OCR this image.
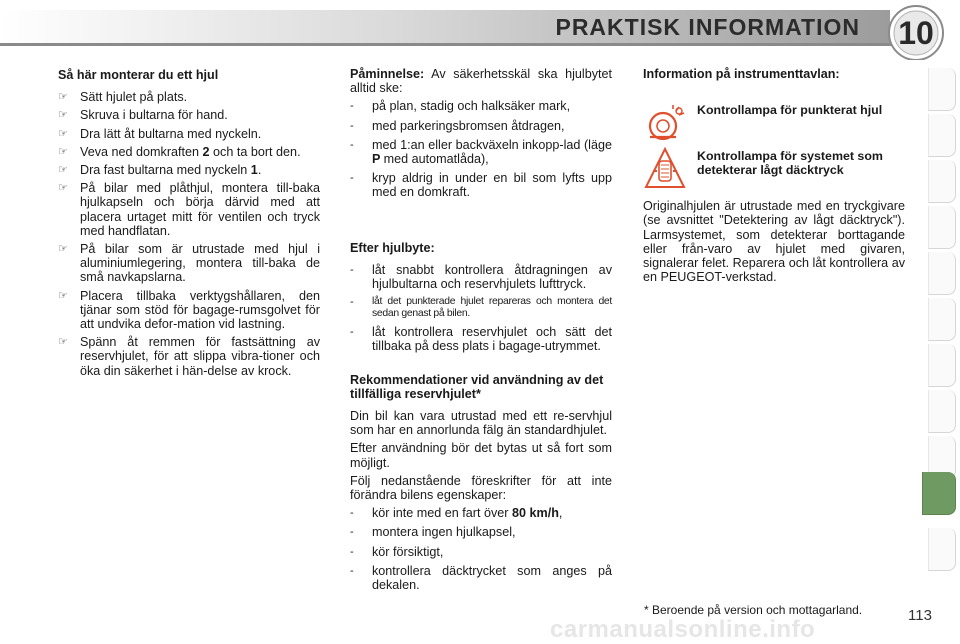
PRAKTISK INFORMATION 10
Så här monterar du ett hjul
☞ Sätt hjulet på plats.
☞ Skruva i bultarna för hand.
☞ Dra lätt åt bultarna med nyckeln.
☞ Veva ned domkraften 2 och ta bort den.
☞ Dra fast bultarna med nyckeln 1.
☞ På bilar med plåthjul, montera till-baka hjulkapseln och börja därvid med att placera urtaget mitt för ventilen och tryck med handflatan.
☞ På bilar som är utrustade med hjul i aluminiumlegering, montera till-baka de små navkapslarna.
☞ Placera tillbaka verktygshållaren, den tjänar som stöd för bagage-rumsgolvet för att undvika defor-mation vid lastning.
☞ Spänn åt remmen för fastsättning av reservhjulet, för att slippa vibra-tioner och öka din säkerhet i hän-delse av krock.

Påminnelse: Av säkerhetsskäl ska hjulbytet alltid ske:

- på plan, stadig och halksäker mark,
- med parkeringsbromsen åtdragen,
- med 1:an eller backväxeln inkopp-lad (läge P med automatlåda),
- kryp aldrig in under en bil som lyfts upp med en domkraft.
Efter hjulbyte:
- låt snabbt kontrollera åtdragningen av hjulbultarna och reservhjulets lufttryck.
- låt det punkterade hjulet repareras och montera det sedan genast på bilen.
- låt kontrollera reservhjulet och sätt det tillbaka på dess plats i bagage-utrymmet.
Rekommendationer vid användning av det tillfälliga reservhjulet*

Din bil kan vara utrustad med ett re-servhjul som har en annorlunda fälg än standardhjulet.

Efter användning bör det bytas ut så fort som möjligt.

Följ nedanstående föreskrifter för att inte förändra bilens egenskaper:

- kör inte med en fart över 80 km/h,
- montera ingen hjulkapsel,
- kör försiktigt,
- kontrollera däcktrycket som anges på dekalen.
Information på instrumenttavlan:
Kontrollampa för punkterat hjul
Kontrollampa för systemet som detekterar lågt däcktryck

Originalhjulen är utrustade med en tryckgivare (se avsnittet "Detektering av lågt däcktryck"). Larmsystemet, som detekterar borttagande eller från-varo av hjulet med givaren, signalerar felet. Reparera och låt kontrollera av en PEUGEOT-verkstad.

* Beroende på version och mottagarland.	113
carmanualsonline.info
